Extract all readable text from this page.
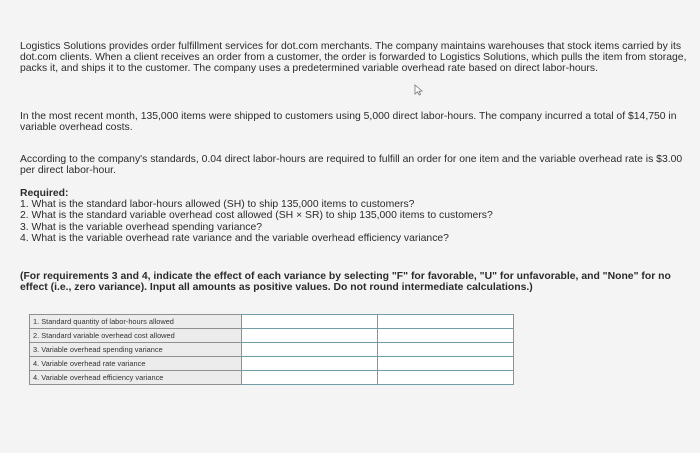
Logistics Solutions provides order fulfillment services for dot.com merchants. The company maintains warehouses that stock items carried by its dot.com clients. When a client receives an order from a customer, the order is forwarded to Logistics Solutions, which pulls the item from storage, packs it, and ships it to the customer. The company uses a predetermined variable overhead rate based on direct labor-hours.
In the most recent month, 135,000 items were shipped to customers using 5,000 direct labor-hours. The company incurred a total of $14,750 in variable overhead costs.
According to the company's standards, 0.04 direct labor-hours are required to fulfill an order for one item and the variable overhead rate is $3.00 per direct labor-hour.
Required:
1. What is the standard labor-hours allowed (SH) to ship 135,000 items to customers?
2. What is the standard variable overhead cost allowed (SH × SR) to ship 135,000 items to customers?
3. What is the variable overhead spending variance?
4. What is the variable overhead rate variance and the variable overhead efficiency variance?
(For requirements 3 and 4, indicate the effect of each variance by selecting "F" for favorable, "U" for unfavorable, and "None" for no effect (i.e., zero variance). Input all amounts as positive values. Do not round intermediate calculations.)
1. Standard quantity of labor-hours allowed		
2. Standard variable overhead cost allowed		
3. Variable overhead spending variance		
4. Variable overhead rate variance		
4. Variable overhead efficiency variance		
